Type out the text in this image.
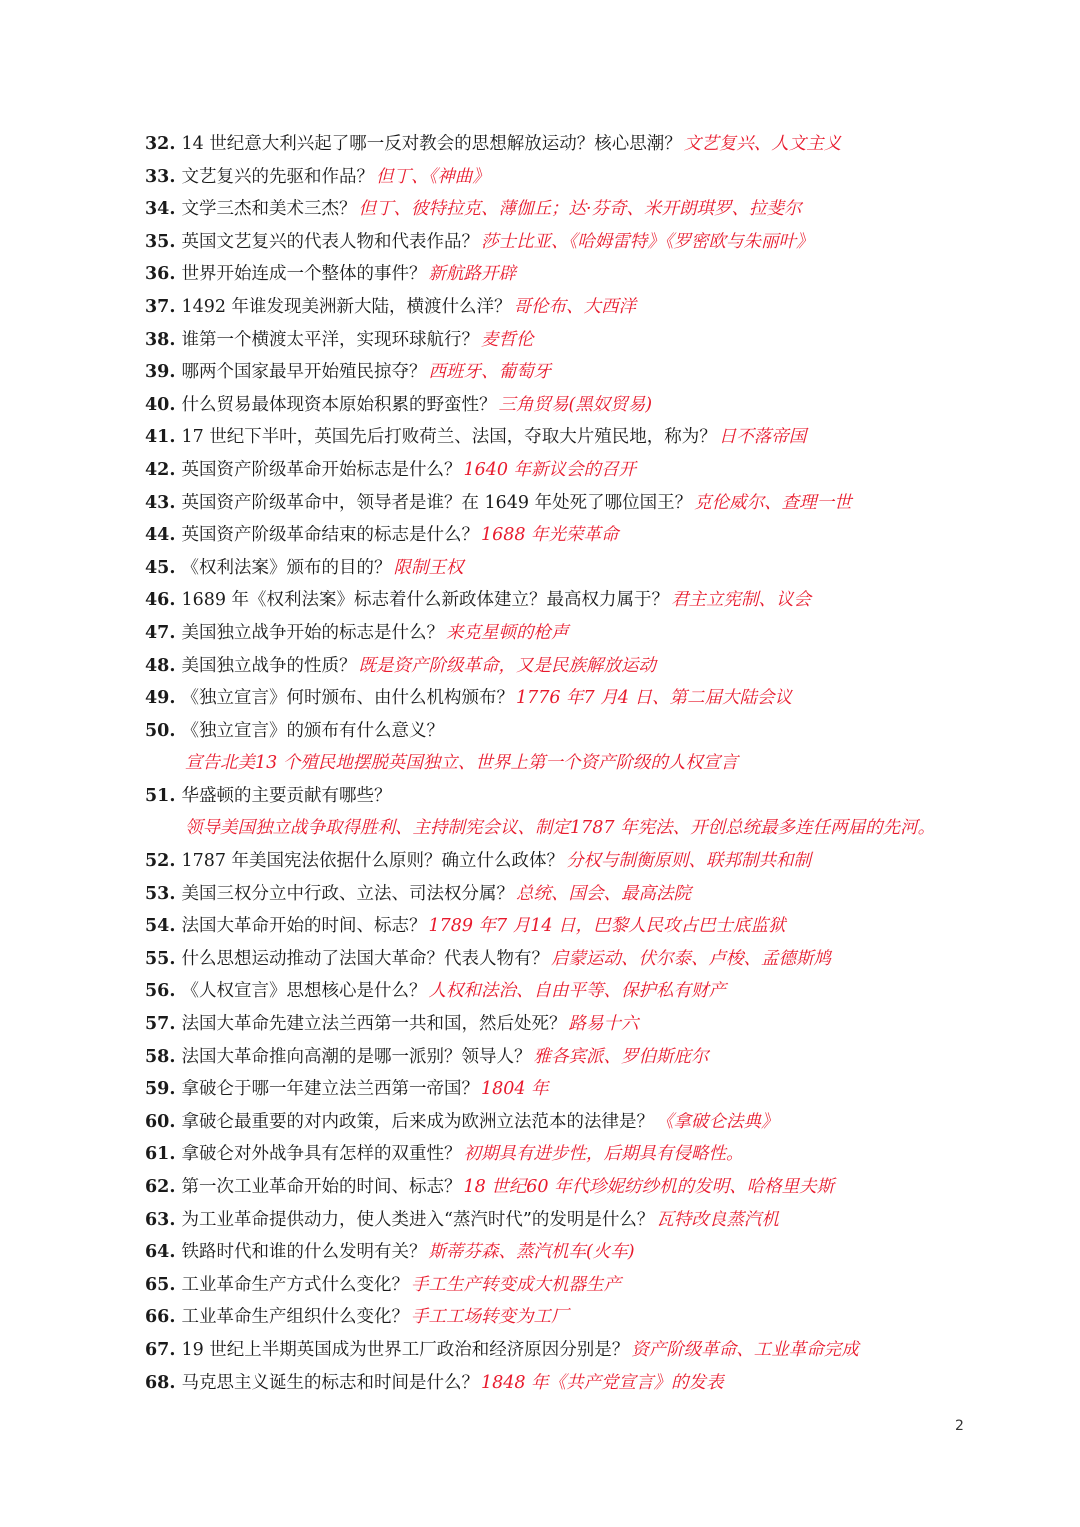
32. 14 世纪意大利兴起了哪一反对教会的思想解放运动？核心思潮？ 文艺复兴、人文主义
33. 文艺复兴的先驱和作品？ 但丁、《神曲》
34. 文学三杰和美术三杰？ 但丁、彼特拉克、薄伽丘；达·芬奇、米开朗琪罗、拉斐尔
35. 英国文艺复兴的代表人物和代表作品？ 莎士比亚、《哈姆雷特》《罗密欧与朱丽叶》
36. 世界开始连成一个整体的事件？ 新航路开辟
37. 1492 年谁发现美洲新大陆，横渡什么洋？ 哥伦布、大西洋
38. 谁第一个横渡太平洋，实现环球航行？ 麦哲伦
39. 哪两个国家最早开始殖民掠夺？ 西班牙、葡萄牙
40. 什么贸易最体现资本原始积累的野蛮性？ 三角贸易(黑奴贸易)
41. 17 世纪下半叶，英国先后打败荷兰、法国，夺取大片殖民地，称为？ 日不落帝国
42. 英国资产阶级革命开始标志是什么？ 1640 年新议会的召开
43. 英国资产阶级革命中，领导者是谁？在 1649 年处死了哪位国王？ 克伦威尔、查理一世
44. 英国资产阶级革命结束的标志是什么？ 1688 年光荣革命
45. 《权利法案》颁布的目的？ 限制王权
46. 1689 年《权利法案》标志着什么新政体建立？最高权力属于？ 君主立宪制、议会
47. 美国独立战争开始的标志是什么？ 来克星顿的枪声
48. 美国独立战争的性质？ 既是资产阶级革命，又是民族解放运动
49. 《独立宣言》何时颁布、由什么机构颁布？ 1776 年7 月4 日、第二届大陆会议
50. 《独立宣言》的颁布有什么意义？
宣告北美13 个殖民地摆脱英国独立、世界上第一个资产阶级的人权宣言
51. 华盛顿的主要贡献有哪些？
领导美国独立战争取得胜利、主持制宪会议、制定1787 年宪法、开创总统最多连任两届的先河。
52. 1787 年美国宪法依据什么原则？确立什么政体？ 分权与制衡原则、联邦制共和制
53. 美国三权分立中行政、立法、司法权分属？ 总统、国会、最高法院
54. 法国大革命开始的时间、标志？ 1789 年7 月14 日，巴黎人民攻占巴士底监狱
55. 什么思想运动推动了法国大革命？代表人物有？ 启蒙运动、伏尔泰、卢梭、孟德斯鸠
56. 《人权宣言》思想核心是什么？ 人权和法治、自由平等、保护私有财产
57. 法国大革命先建立法兰西第一共和国，然后处死？ 路易十六
58. 法国大革命推向高潮的是哪一派别？领导人？ 雅各宾派、罗伯斯庇尔
59. 拿破仑于哪一年建立法兰西第一帝国？ 1804 年
60. 拿破仑最重要的对内政策，后来成为欧洲立法范本的法律是？ 《拿破仑法典》
61. 拿破仑对外战争具有怎样的双重性？ 初期具有进步性，后期具有侵略性。
62. 第一次工业革命开始的时间、标志？ 18 世纪60 年代珍妮纺纱机的发明、哈格里夫斯
63. 为工业革命提供动力，使人类进入“蒸汽时代”的发明是什么？ 瓦特改良蒸汽机
64. 铁路时代和谁的什么发明有关？ 斯蒂芬森、蒸汽机车(火车)
65. 工业革命生产方式什么变化？ 手工生产转变成大机器生产
66. 工业革命生产组织什么变化？ 手工工场转变为工厂
67. 19 世纪上半期英国成为世界工厂政治和经济原因分别是？ 资产阶级革命、工业革命完成
68. 马克思主义诞生的标志和时间是什么？ 1848 年《共产党宣言》的发表
2
